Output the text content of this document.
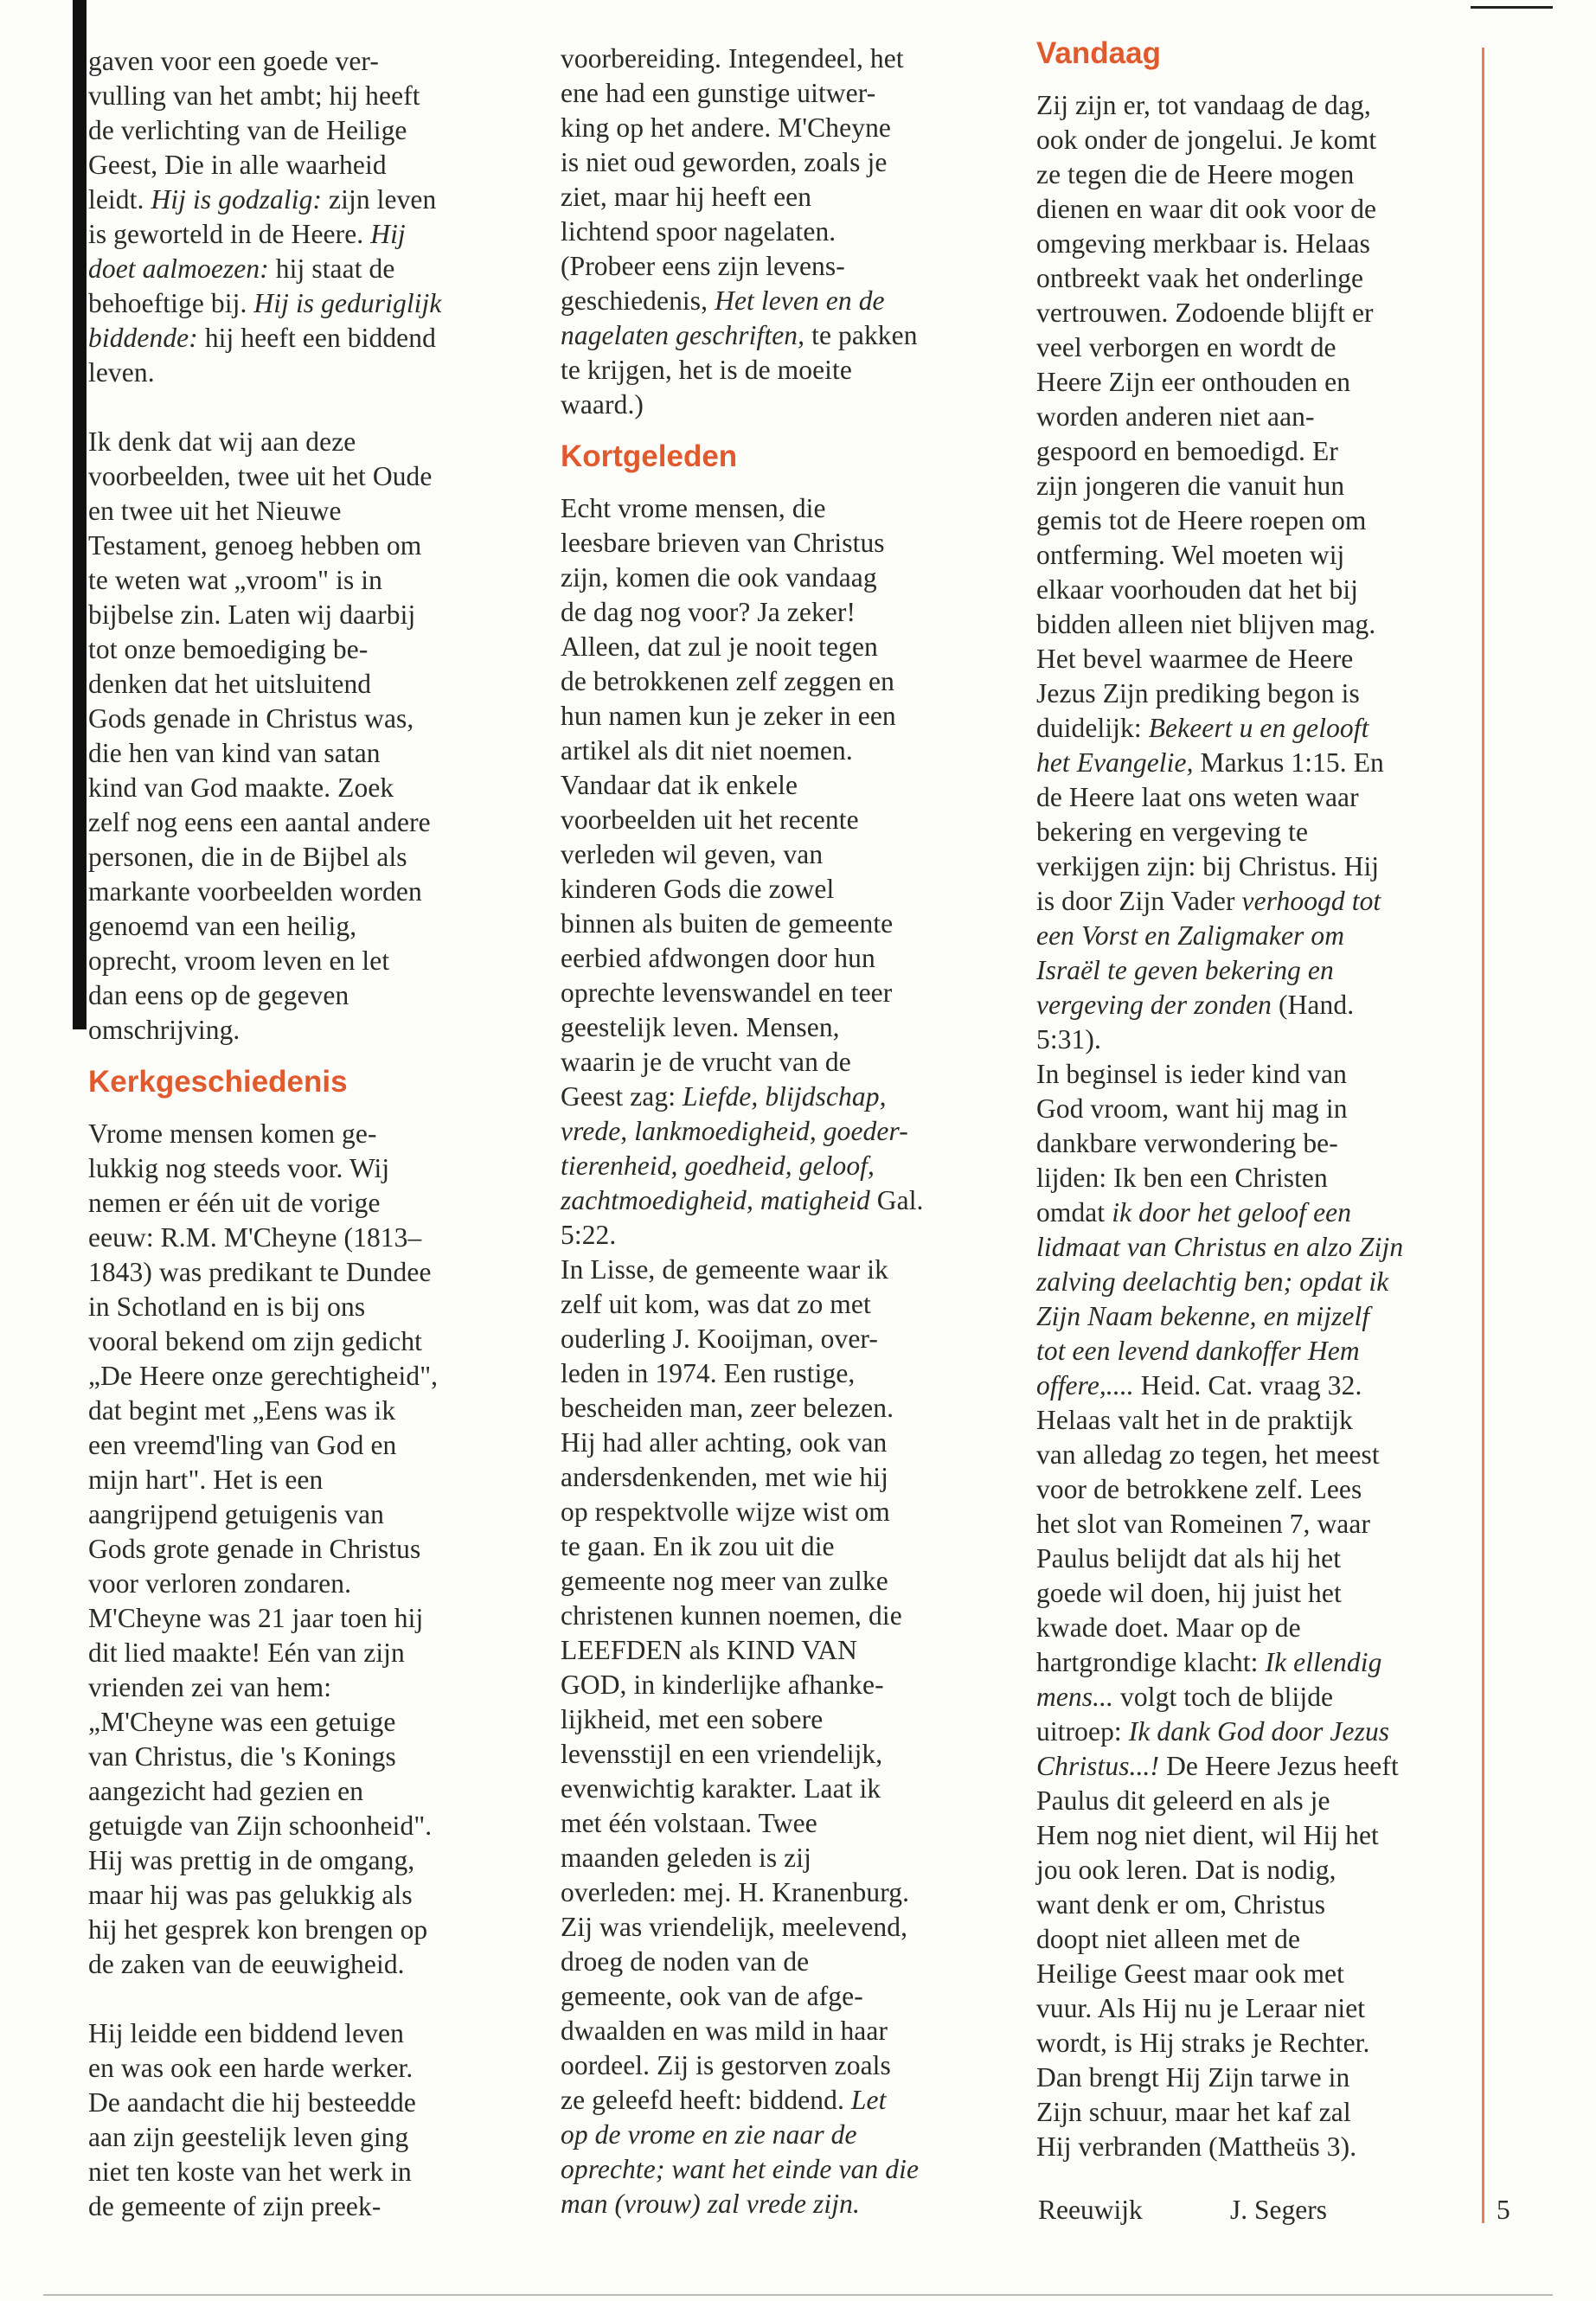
gaven voor een goede ver-
vulling van het ambt; hij heeft
de verlichting van de Heilige
Geest, Die in alle waarheid
leidt. Hij is godzalig: zijn leven
is geworteld in de Heere. Hij
doet aalmoezen: hij staat de
behoeftige bij. Hij is geduriglijk
biddende: hij heeft een biddend
leven.
Ik denk dat wij aan deze
voorbeelden, twee uit het Oude
en twee uit het Nieuwe
Testament, genoeg hebben om
te weten wat „vroom" is in
bijbelse zin. Laten wij daarbij
tot onze bemoediging be-
denken dat het uitsluitend
Gods genade in Christus was,
die hen van kind van satan
kind van God maakte. Zoek
zelf nog eens een aantal andere
personen, die in de Bijbel als
markante voorbeelden worden
genoemd van een heilig,
oprecht, vroom leven en let
dan eens op de gegeven
omschrijving.
Kerkgeschiedenis
Vrome mensen komen ge-
lukkig nog steeds voor. Wij
nemen er één uit de vorige
eeuw: R.M. M'Cheyne (1813–
1843) was predikant te Dundee
in Schotland en is bij ons
vooral bekend om zijn gedicht
„De Heere onze gerechtigheid",
dat begint met „Eens was ik
een vreemd'ling van God en
mijn hart". Het is een
aangrijpend getuigenis van
Gods grote genade in Christus
voor verloren zondaren.
M'Cheyne was 21 jaar toen hij
dit lied maakte! Eén van zijn
vrienden zei van hem:
„M'Cheyne was een getuige
van Christus, die 's Konings
aangezicht had gezien en
getuigde van Zijn schoonheid".
Hij was prettig in de omgang,
maar hij was pas gelukkig als
hij het gesprek kon brengen op
de zaken van de eeuwigheid.
Hij leidde een biddend leven
en was ook een harde werker.
De aandacht die hij besteedde
aan zijn geestelijk leven ging
niet ten koste van het werk in
de gemeente of zijn preek-
voorbereiding. Integendeel, het
ene had een gunstige uitwer-
king op het andere. M'Cheyne
is niet oud geworden, zoals je
ziet, maar hij heeft een
lichtend spoor nagelaten.
(Probeer eens zijn levens-
geschiedenis, Het leven en de
nagelaten geschriften, te pakken
te krijgen, het is de moeite
waard.)
Kortgeleden
Echt vrome mensen, die
leesbare brieven van Christus
zijn, komen die ook vandaag
de dag nog voor? Ja zeker!
Alleen, dat zul je nooit tegen
de betrokkenen zelf zeggen en
hun namen kun je zeker in een
artikel als dit niet noemen.
Vandaar dat ik enkele
voorbeelden uit het recente
verleden wil geven, van
kinderen Gods die zowel
binnen als buiten de gemeente
eerbied afdwongen door hun
oprechte levenswandel en teer
geestelijk leven. Mensen,
waarin je de vrucht van de
Geest zag: Liefde, blijdschap,
vrede, lankmoedigheid, goeder-
tierenheid, goedheid, geloof,
zachtmoedigheid, matigheid Gal.
5:22.
In Lisse, de gemeente waar ik
zelf uit kom, was dat zo met
ouderling J. Kooijman, over-
leden in 1974. Een rustige,
bescheiden man, zeer belezen.
Hij had aller achting, ook van
andersdenkenden, met wie hij
op respektvolle wijze wist om
te gaan. En ik zou uit die
gemeente nog meer van zulke
christenen kunnen noemen, die
LEEFDEN als KIND VAN
GOD, in kinderlijke afhanke-
lijkheid, met een sobere
levensstijl en een vriendelijk,
evenwichtig karakter. Laat ik
met één volstaan. Twee
maanden geleden is zij
overleden: mej. H. Kranenburg.
Zij was vriendelijk, meelevend,
droeg de noden van de
gemeente, ook van de afge-
dwaalden en was mild in haar
oordeel. Zij is gestorven zoals
ze geleefd heeft: biddend. Let
op de vrome en zie naar de
oprechte; want het einde van die
man (vrouw) zal vrede zijn.
Vandaag
Zij zijn er, tot vandaag de dag,
ook onder de jongelui. Je komt
ze tegen die de Heere mogen
dienen en waar dit ook voor de
omgeving merkbaar is. Helaas
ontbreekt vaak het onderlinge
vertrouwen. Zodoende blijft er
veel verborgen en wordt de
Heere Zijn eer onthouden en
worden anderen niet aan-
gespoord en bemoedigd. Er
zijn jongeren die vanuit hun
gemis tot de Heere roepen om
ontferming. Wel moeten wij
elkaar voorhouden dat het bij
bidden alleen niet blijven mag.
Het bevel waarmee de Heere
Jezus Zijn prediking begon is
duidelijk: Bekeert u en gelooft
het Evangelie, Markus 1:15. En
de Heere laat ons weten waar
bekering en vergeving te
verkijgen zijn: bij Christus. Hij
is door Zijn Vader verhoogd tot
een Vorst en Zaligmaker om
Israël te geven bekering en
vergeving der zonden (Hand.
5:31).
In beginsel is ieder kind van
God vroom, want hij mag in
dankbare verwondering be-
lijden: Ik ben een Christen
omdat ik door het geloof een
lidmaat van Christus en alzo Zijn
zalving deelachtig ben; opdat ik
Zijn Naam bekenne, en mijzelf
tot een levend dankoffer Hem
offere,.... Heid. Cat. vraag 32.
Helaas valt het in de praktijk
van alledag zo tegen, het meest
voor de betrokkene zelf. Lees
het slot van Romeinen 7, waar
Paulus belijdt dat als hij het
goede wil doen, hij juist het
kwade doet. Maar op de
hartgrondige klacht: Ik ellendig
mens... volgt toch de blijde
uitroep: Ik dank God door Jezus
Christus...! De Heere Jezus heeft
Paulus dit geleerd en als je
Hem nog niet dient, wil Hij het
jou ook leren. Dat is nodig,
want denk er om, Christus
doopt niet alleen met de
Heilige Geest maar ook met
vuur. Als Hij nu je Leraar niet
wordt, is Hij straks je Rechter.
Dan brengt Hij Zijn tarwe in
Zijn schuur, maar het kaf zal
Hij verbranden (Mattheüs 3).
Reeuwijk	J. Segers	5
